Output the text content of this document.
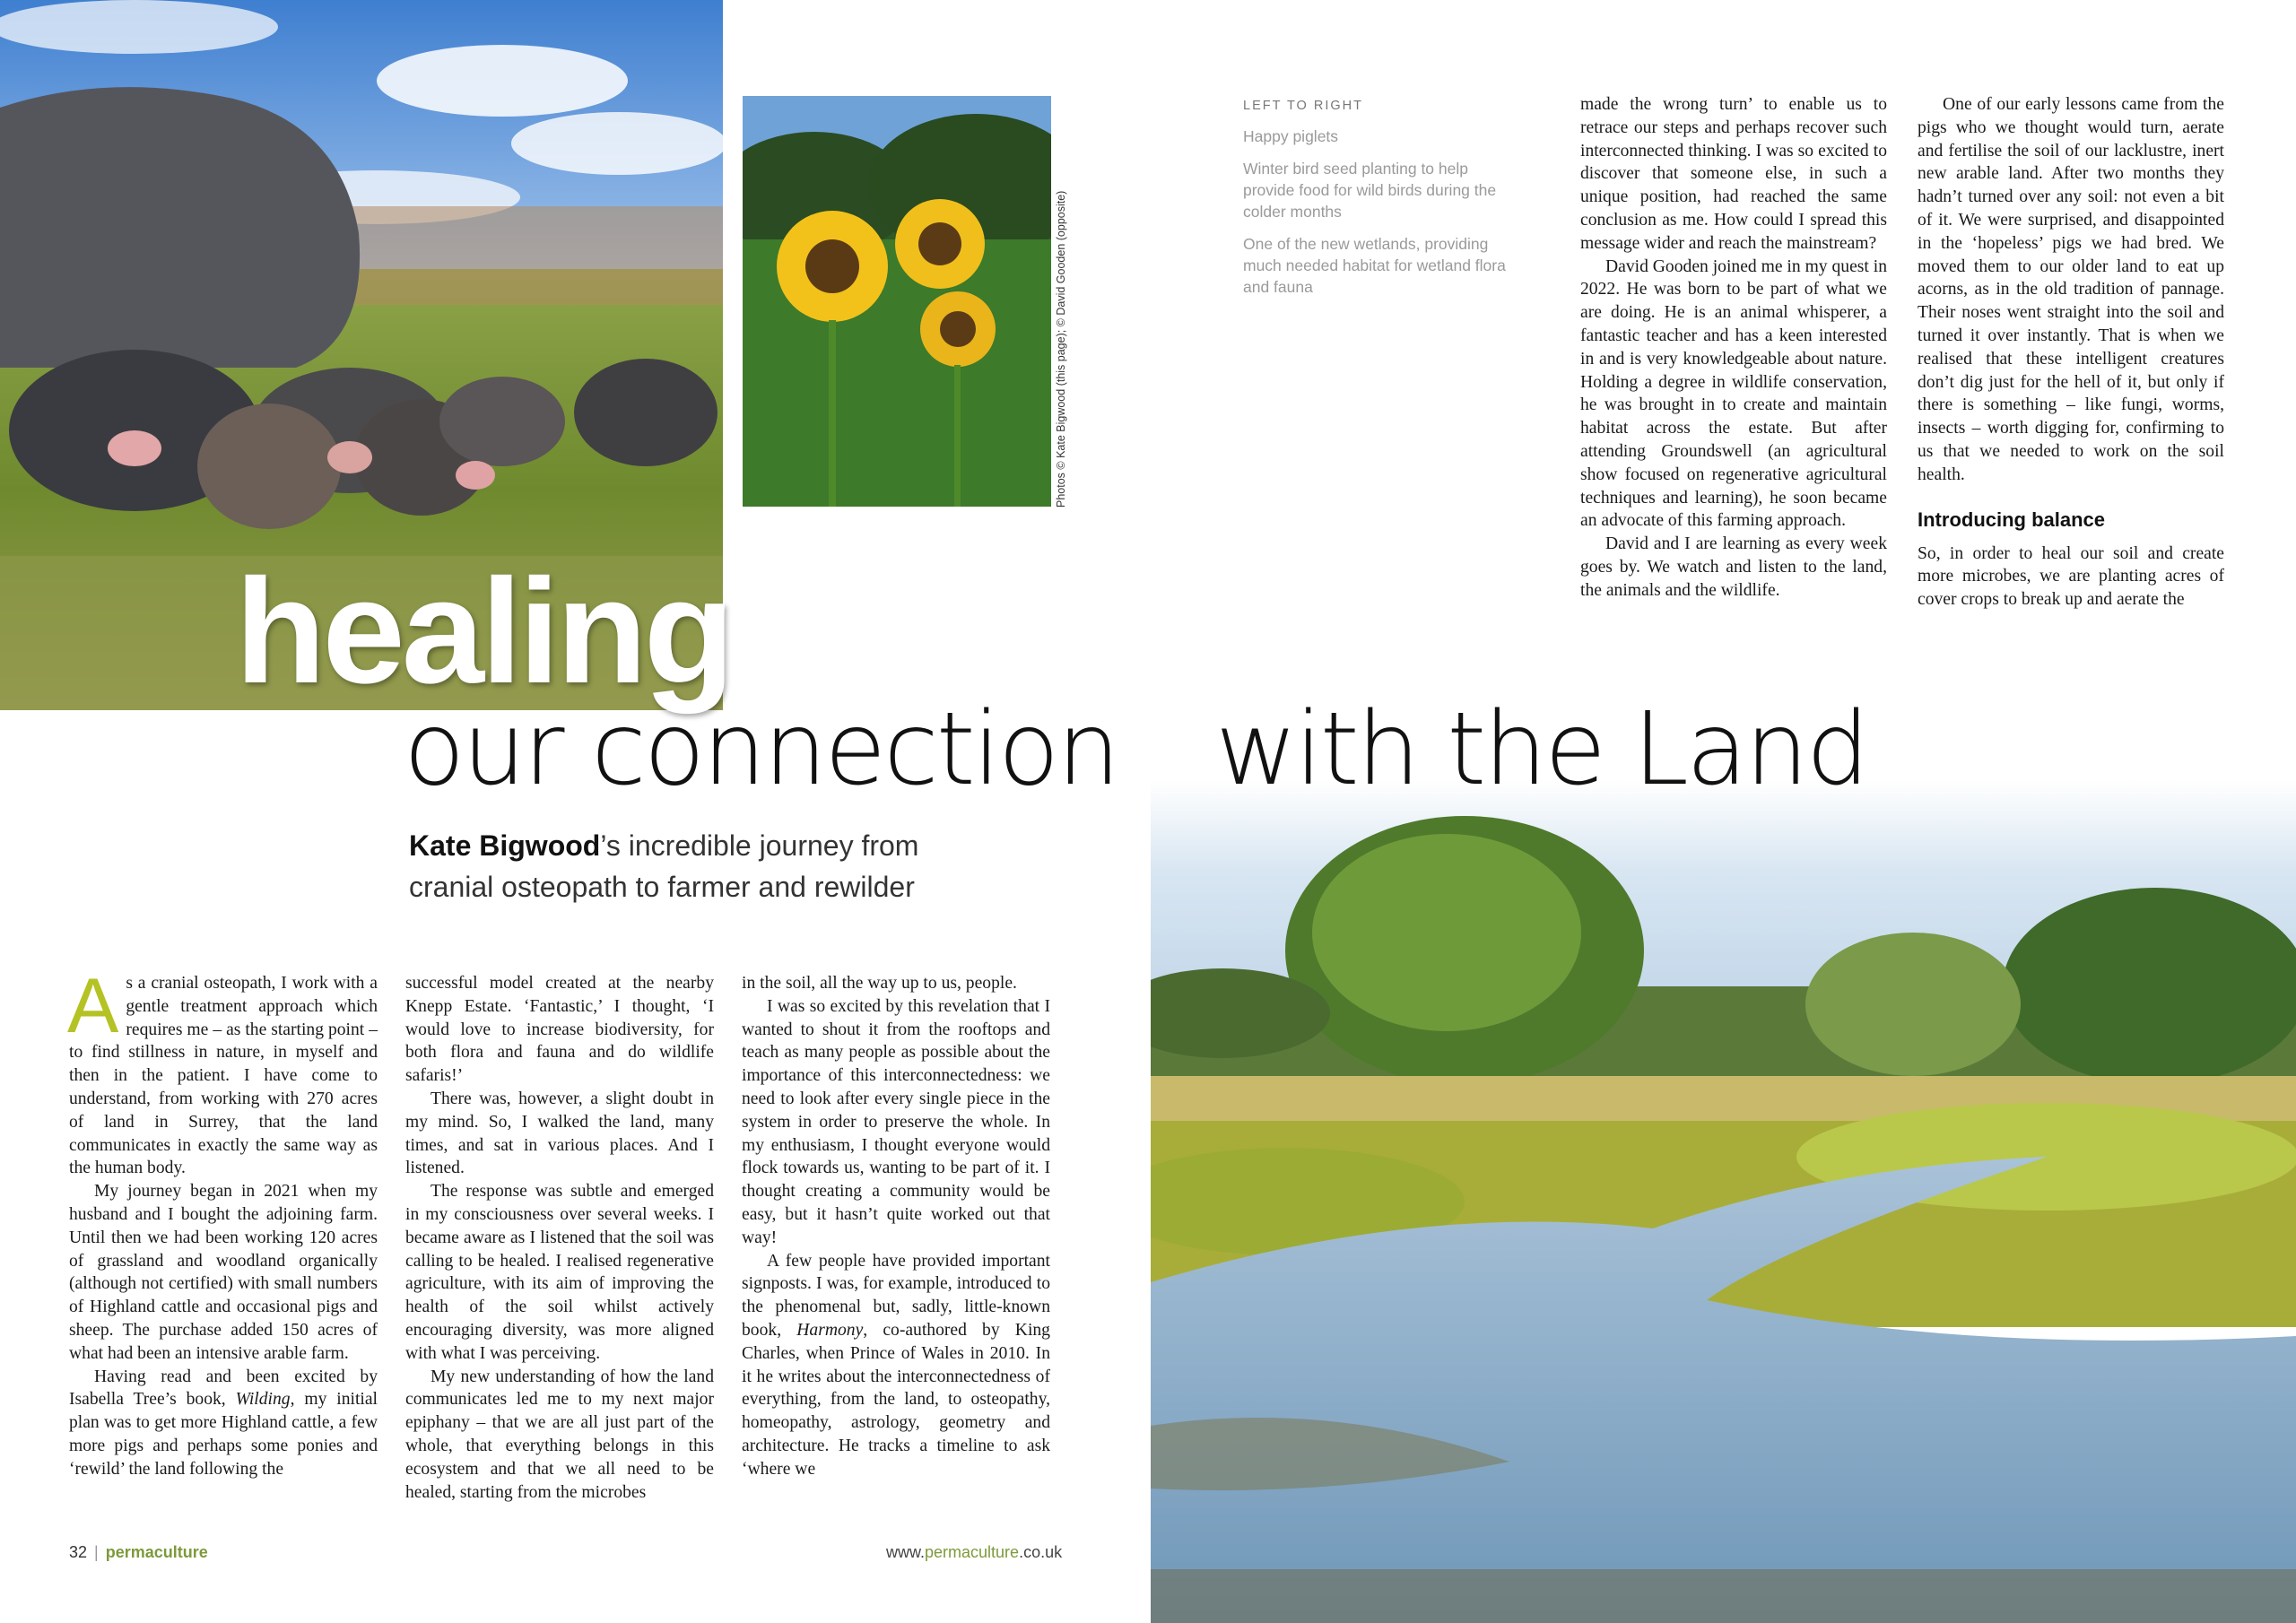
Photos © Kate Bigwood (this page); © David Gooden (opposite)
healing
our connection with the Land
Kate Bigwood’s incredible journey from
cranial osteopath to farmer and rewilder
LEFT TO RIGHT

Happy piglets

Winter bird seed planting to help provide food for wild birds during the colder months

One of the new wetlands, providing much needed habitat for wetland flora and fauna

As a cranial osteopath, I work with a gentle treatment approach which requires me – as the starting point – to find stillness in nature, in myself and then in the patient. I have come to understand, from working with 270 acres of land in Surrey, that the land communicates in exactly the same way as the human body.

My journey began in 2021 when my husband and I bought the adjoining farm. Until then we had been working 120 acres of grassland and woodland organically (although not certified) with small numbers of Highland cattle and occasional pigs and sheep. The purchase added 150 acres of what had been an intensive arable farm.

Having read and been excited by Isabella Tree’s book, Wilding, my initial plan was to get more Highland cattle, a few more pigs and perhaps some ponies and ‘rewild’ the land following the

successful model created at the nearby Knepp Estate. ‘Fantastic,’ I thought, ‘I would love to increase biodiversity, for both flora and fauna and do wildlife safaris!’

There was, however, a slight doubt in my mind. So, I walked the land, many times, and sat in various places. And I listened.

The response was subtle and emerged in my consciousness over several weeks. I became aware as I listened that the soil was calling to be healed. I realised regenerative agriculture, with its aim of improving the health of the soil whilst actively encouraging diversity, was more aligned with what I was perceiving.

My new understanding of how the land communicates led me to my next major epiphany – that we are all just part of the whole, that everything belongs in this ecosystem and that we all need to be healed, starting from the microbes

in the soil, all the way up to us, people.

I was so excited by this revelation that I wanted to shout it from the rooftops and teach as many people as possible about the importance of this interconnectedness: we need to look after every single piece in the system in order to preserve the whole. In my enthusiasm, I thought everyone would flock towards us, wanting to be part of it. I thought creating a community would be easy, but it hasn’t quite worked out that way!

A few people have provided important signposts. I was, for example, introduced to the phenomenal but, sadly, little-known book, Harmony, co-authored by King Charles, when Prince of Wales in 2010. In it he writes about the interconnectedness of everything, from the land, to osteopathy, homeopathy, astrology, geometry and architecture. He tracks a timeline to ask ‘where we

made the wrong turn’ to enable us to retrace our steps and perhaps recover such interconnected thinking. I was so excited to discover that someone else, in such a unique position, had reached the same conclusion as me. How could I spread this message wider and reach the mainstream?

David Gooden joined me in my quest in 2022. He was born to be part of what we are doing. He is an animal whisperer, a fantastic teacher and has a keen interested in and is very knowledgeable about nature. Holding a degree in wildlife conservation, he was brought in to create and maintain habitat across the estate. But after attending Groundswell (an agricultural show focused on regenerative agricultural techniques and learning), he soon became an advocate of this farming approach.

David and I are learning as every week goes by. We watch and listen to the land, the animals and the wildlife.

One of our early lessons came from the pigs who we thought would turn, aerate and fertilise the soil of our lacklustre, inert new arable land. After two months they hadn’t turned over any soil: not even a bit of it. We were surprised, and disappointed in the ‘hopeless’ pigs we had bred. We moved them to our older land to eat up acorns, as in the old tradition of pannage. Their noses went straight into the soil and turned it over instantly. That is when we realised that these intelligent creatures don’t dig just for the hell of it, but only if there is something – like fungi, worms, insects – worth digging for, confirming to us that we needed to work on the soil health.

Introducing balance

So, in order to heal our soil and create more microbes, we are planting acres of cover crops to break up and aerate the

32 | permaculture	www.permaculture.co.uk
